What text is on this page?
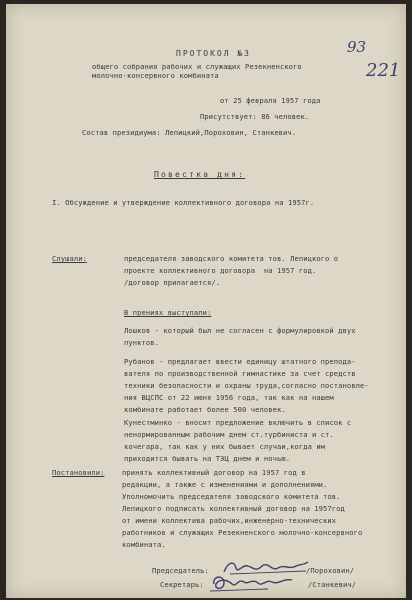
93
221
ПРОТОКОЛ №3
общего собрания рабочих и служащих Резекненского
молочно-консервного комбината
от 25 февраля 1957 года
Присутствует: 86 человек.
Состав президиума: Лепицкий,Пороховин, Станкевич.
Повестка дня:
I. Обсуждение и утверждение коллективного договора на 1957г.
Слушали:	председателя заводского комитета тов. Лепицкого о
проекте коллективного договора  на 1957 год.
/договор прилагается/.
В прениях выступали:
Лошков - который был не согласен с формулировкой двух
пунктов.
Рубанов - предлагает ввести единицу штатного препода-
вателя по производственной гимнастике за счет средств
техники безопасности и охраны труда,согласно постановле-
ния ВЦСПС от 22 июня 1956 года, так как на нашем
комбинате работает более 500 человек.
Кунестминко - вносит предложение включить в список с
ненормированным рабочим днем ст.турбиниста и ст.
кочегара, так как у них бывает случаи,когда им
приходится бывать на ТЭЦ днем и ночью.
Постановили: принять коллективный договор на 1957 год в
редакции, а также с изменениями и дополнениями.
Уполномочить председателя заводского комитета тов.
Лепицкого подписать коллективный договор на 1957год
от имени коллектива рабочих,инженерно-технических
работников и служащих Резекненского молочно-консервного
комбината.
Председатель:	/Пороховин/
Секретарь:	/Станкевич/
